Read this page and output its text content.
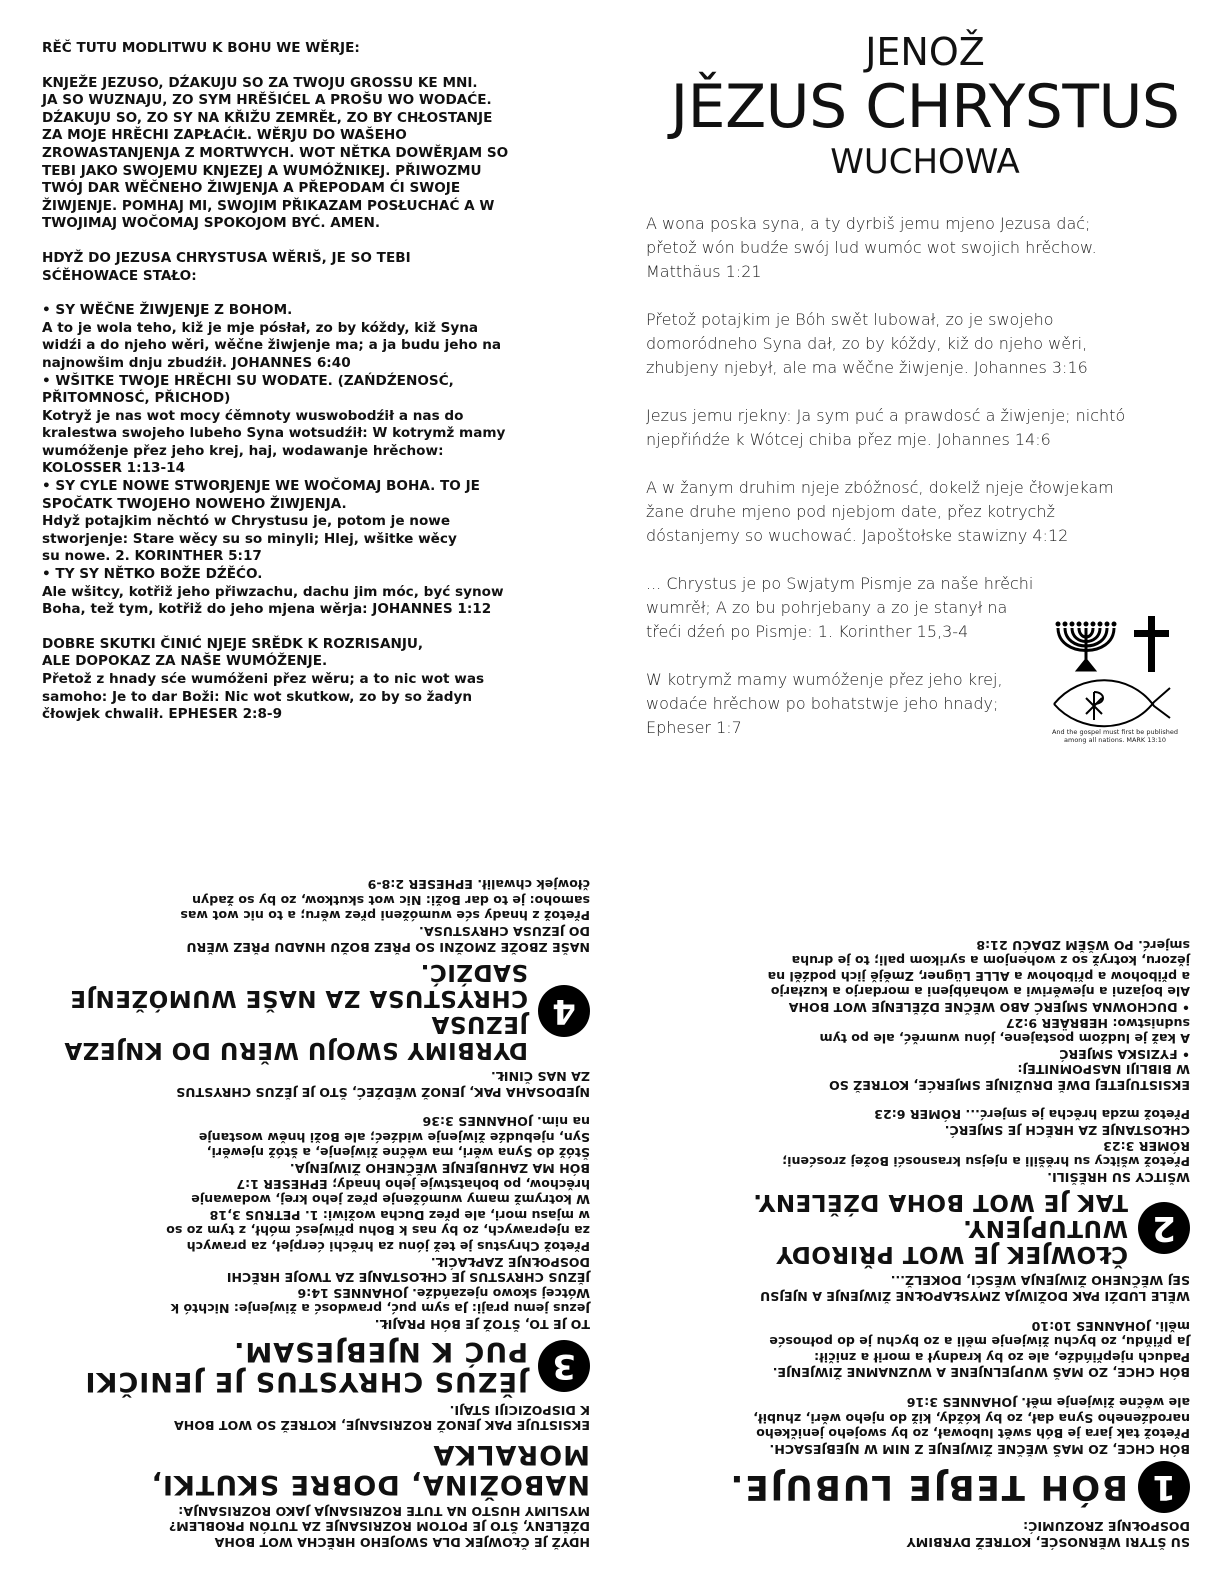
RĚČ TUTU MODLITWU K BOHU WE WĚRJE:

KNJEŽE JEZUSO, DŹAKUJU SO ZA TWOJU GROSSU KE MNI.

JA SO WUZNAJU, ZO SYM HRĚŠIĆEL A PROŠU WO WODAĆE.

DŹAKUJU SO, ZO SY NA KŘIŽU ZEMRĚŁ, ZO BY CHŁOSTANJE

ZA MOJE HRĚCHI ZAPŁAĆIŁ. WĚRJU DO WAŠEHO

ZROWASTANJENJA Z MORTWYCH. WOT NĚTKA DOWĚRJAM SO

TEBI JAKO SWOJEMU KNJEZEJ A WUMÓŽNIKEJ. PŘIWOZMU

TWÓJ DAR WĚČNEHO ŽIWJENJA A PŘEPODAM ĆI SWOJE

ŽIWJENJE. POMHAJ MI, SWOJIM PŘIKAZAM POSŁUCHAĆ A W

TWOJIMAJ WOČOMAJ SPOKOJOM BYĆ. AMEN.

HDYŽ DO JEZUSA CHRYSTUSA WĚRIŠ, JE SO TEBI

SĆĚHOWACE STAŁO:

• SY WĚČNE ŽIWJENJE Z BOHOM.

A to je wola teho, kiž je mje pósłał, zo by kóždy, kiž Syna

widźi a do njeho wěri, wěčne žiwjenje ma; a ja budu jeho na

najnowšim dnju zbudźił. JOHANNES 6:40

• WŠITKE TWOJE HRĚCHI SU WODATE. (ZAŃDŹENOSĆ,

PŘITOMNOSĆ, PŘICHOD)

Kotryž je nas wot mocy ćěmnoty wuswobodźił a nas do

kralestwa swojeho lubeho Syna wotsudźił: W kotrymž mamy

wumóženje přez jeho krej, haj, wodawanje hrěchow:

KOLOSSER 1:13-14

• SY CYLE NOWE STWORJENJE WE WOČOMAJ BOHA. TO JE

SPOČATK TWOJEHO NOWEHO ŽIWJENJA.

Hdyž potajkim něchtó w Chrystusu je, potom je nowe

stworjenje: Stare wěcy su so minyli; Hlej, wšitke wěcy

su nowe. 2. KORINTHER 5:17

• TY SY NĚTKO BOŽE DŹĚĆO.

Ale wšitcy, kotřiž jeho přiwzachu, dachu jim móc, być synow

Boha, tež tym, kotřiž do jeho mjena wěrja: JOHANNES 1:12

DOBRE SKUTKI ČINIĆ NJEJE SRĚDK K ROZRISANJU,

ALE DOPOKAZ ZA NAŠE WUMÓŽENJE.

Přetož z hnady sće wumóženi přez wěru; a to nic wot was

samoho: Je to dar Boži: Nic wot skutkow, zo by so žadyn

čłowjek chwalił. EPHESER 2:8-9

JENOŽ
JĚZUS CHRYSTUS
WUCHOWA
A wona poska syna, a ty dyrbiš jemu mjeno Jezusa dać;
přetož wón budźe swój lud wumóc wot swojich hrěchow.
Matthäus 1:21
Přetož potajkim je Bóh swět lubował, zo je swojeho
domoródneho Syna dał, zo by kóždy, kiž do njeho wěri,
zhubjeny njebył, ale ma wěčne žiwjenje. Johannes 3:16
Jezus jemu rjekny: Ja sym puć a prawdosć a žiwjenje; nichtó
njepřińdźe k Wótcej chiba přez mje. Johannes 14:6
A w žanym druhim njeje zbóžnosć, dokelž njeje čłowjekam
žane druhe mjeno pod njebjom date, přez kotrychž
dóstanjemy so wuchować. Japoštołske stawizny 4:12
... Chrystus je po Swjatym Pismje za naše hrěchi
wumrěł; A zo bu pohrjebany a zo je stanył na
třeći dźeń po Pismje: 1. Korinther 15,3-4
W kotrymž mamy wumóženje přez jeho krej,
wodaće hrěchow po bohatstwje jeho hnady;
Epheser 1:7	And the gospel must first be published
among all nations. MARK 13:10

SU ŠTYRI WĚRNOSĆE, KOTREŽ DYRBIMY

DOSPOŁNJE ZROZUMIĆ:

1
BÓH TEBJE LUBUJE.

BÓH CHCE, ZO MAŠ WĚČNE ŽIWJENJE Z NIM W NJEBJESACH.

Přetož tak jara je Bóh swět lubował, zo by swojeho jeničkeho

narodźeneho Syna dał, zo by kóždy, kiž do njeho wěri, zhubił,

ale wěčne žiwjenje měł. JOHANNES 3:16

BÓH CHCE, ZO MAŠ WUPJELNJENE A WUZNAMNE ŽIWJENJE.

Paduch njepřińdźe, ale zo by kradnył a morił a zničił:

Ja přiňdu, zo bychu žiwjenje měli a zo bychu je do połnosće

měli. JOHANNES 10:10

WĚLE LUDŹI PAK DOŽIWJA ZMYSŁAPOŁNE ŽIWJENJE A NJEJSU

SEJ WĚČNEHO ŽIWJENJA WĚSĆI, DOKELŽ...

2
ČŁOWJEK JE WOT PŘIRODY WUTUPJENY.
TAK JE WOT BOHA DŹĚLENY.

WŠITCY SU HRĚŠILI.

Přetož wšitcy su hrěšili a njejsu krasnosći Božej zrosćeni;

RÓMER 3:23

CHŁOSTANJE ZA HRĚCH JE SMJERĆ.

Přetož mzda hrěcha je smjerć... RÓMER 6:23

EKSISTUJETEJ DWĚ DRUŽINJE SMJERĆE, KOTREŽ SO

W BIBLIJI NASPOMNITEJ:

• FYZISKA SMJERĆ

A kaž je ludźom postajene, jónu wumrěć, ale po tym

sudnistwo: HEBRÄER 9:27

• DUCHOWNA SMJERĆ ABO WĚČNE DŹĚLENJE WOT BOHA

Ale bojazni a njewěriwi a wohańbjeni a mordarjo a kuzłarjo

a přibohow a přibohow a ALLE Lügner, Změjě jich podźěl na

jězoru, kotryž so z wohenjom a syrikom pali; to je druha

smjerć. PO WŠĚM ZDAĆU 21:8

HDYŽ JE ČŁOWJEK DLA SWOJEHO HRĚCHA WOT BOHA

DŹĚLENY, ŠTO JE POTOM ROZRISANJE ZA TUTÓN PROBLEM?

MYSLIMY HUSTO NA TUTE ROZRISANJA JAKO ROZRISANJA:

NABOŽINA, DOBRE SKUTKI, MORALKA

EKSISTUJE PAK JENOŽ ROZRISANJE, KOTREŽ SO WOT BOHA

K DISPOZICIJI STAJI.

3
JĚZUS CHRYSTUS JE JENIČKI
PUĆ K NJEBJESAM.

TO JE TO, ŠTOŽ JE BÓH PRAJIŁ.

Jezus jemu praji: Ja sym puć, prawdosć a žiwjenje: Nichtó k

Wótcej skowo njezańdźe. JOHANNES 14:6

JĚZUS CHRYSTUS JE CHŁOSTANJE ZA TWOJE HRĚCHI

DOSPOŁNJE ZAPŁAĆIŁ.

Přetož Chrystus je tež jónu za hrěchi ćerpjeł, za prawych

za njeprawych, zo by nas k Bohu přiwjesć móhł, z tym zo so

w mjasu mori, ale přez Ducha wožiwi: 1. PETRUS 3,18

W kotrymž mamy wumóženje přez jeho krej, wodawanje

hrěchow, po bohatstwje jeho hnady; EPHESER 1:7

BÓH MA ZAHUBJENJE WĚČNEHO ŽIWJENJA.

Štóž do Syna wěri, ma wěčne žiwjenje, a štóž njewěri,

Syn, njebudźe žiwjenje widźeć; ale Boži hněw wostanje

na nim. JOHANNES 3:36

NJEDOSAHA PAK, JENOŽ WĚDŹEĆ, ŠTO JE JĚZUS CHRYSTUS

ZA NAS ČINIŁ.

4
DYRBIMY SWOJU WĚRU DO KNJEZA JEZUSA
CHRYSTUSA ZA NAŠE WUMÓŽENJE SADŹIĆ.

NAŠE ZBOŽE ZMOŽNI SO PŘEZ BOŽU HNADU PŘEZ WĚRU

DO JEZUSA CHRYSTUSA.

Přetož z hnady sće wumóženi přez wěru; a to nic wot was

samoho: je to dar Boži: Nic wot skutkow, zo by so žadyn

čłowjek chwalił. EPHESER 2:8-9
